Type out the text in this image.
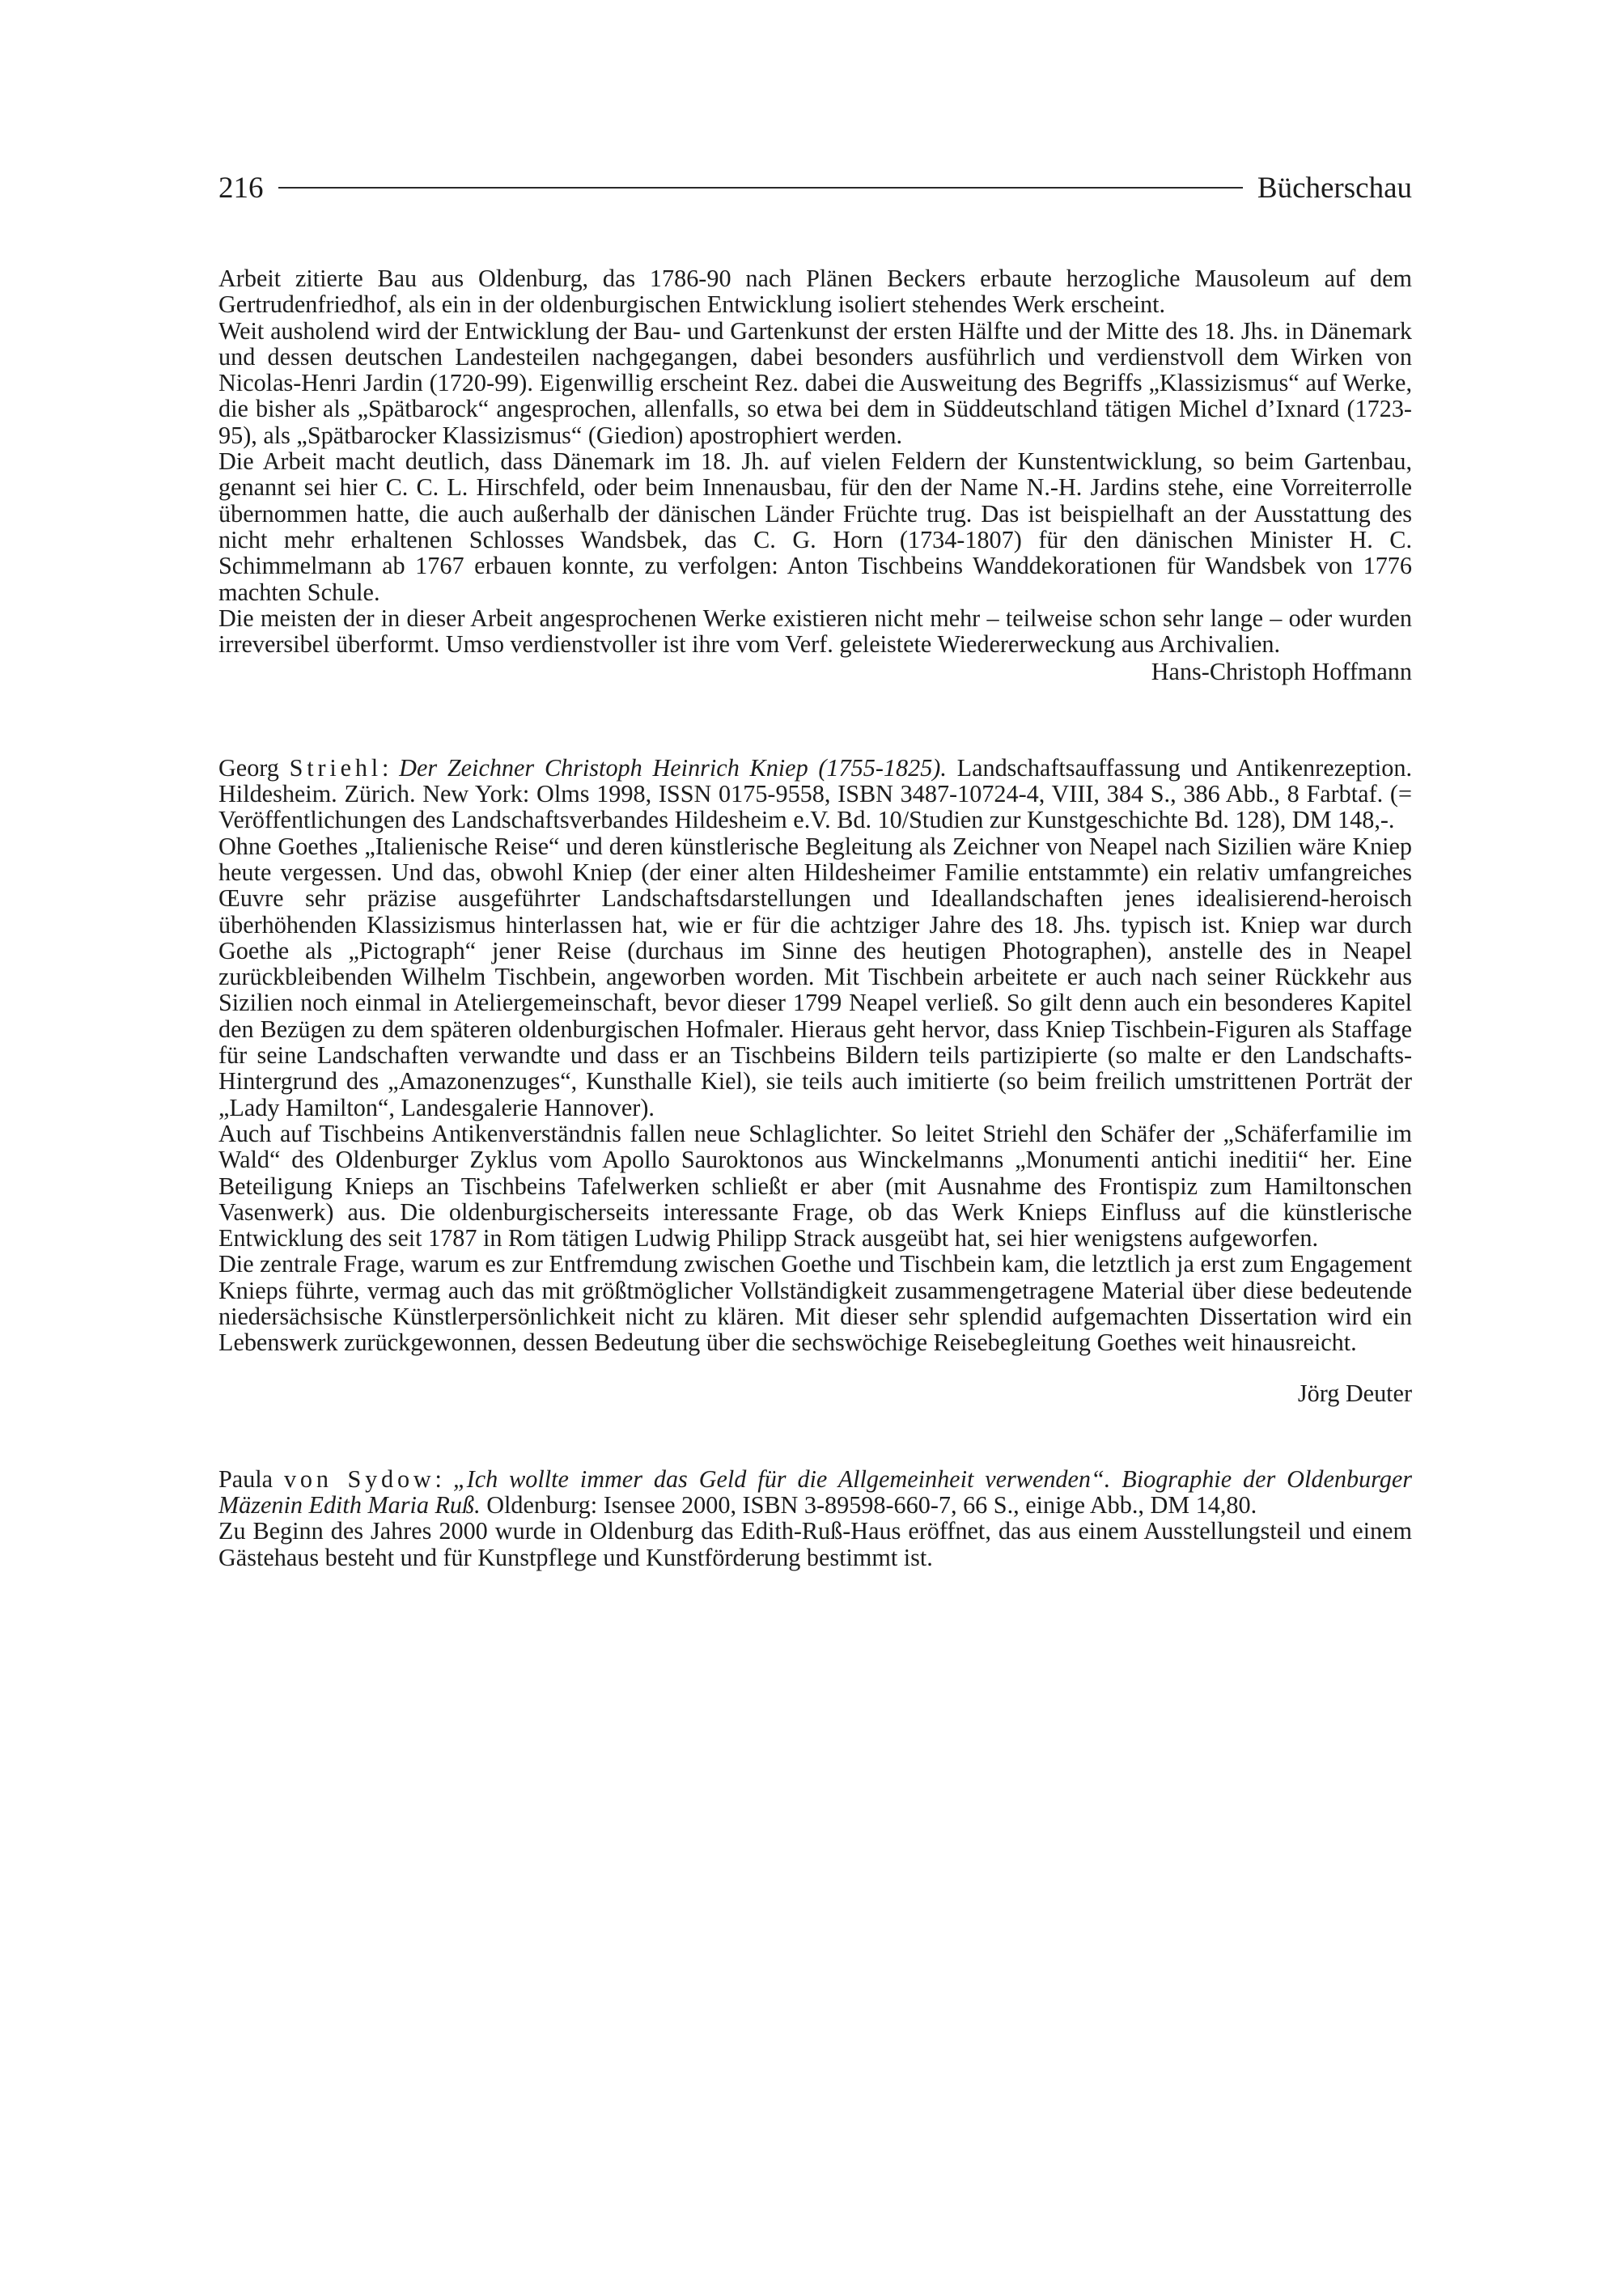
216	Bücherschau

Arbeit zitierte Bau aus Oldenburg, das 1786-90 nach Plänen Beckers erbaute herzogliche Mausoleum auf dem Gertrudenfriedhof, als ein in der oldenburgischen Entwicklung isoliert stehendes Werk erscheint.

Weit ausholend wird der Entwicklung der Bau- und Gartenkunst der ersten Hälfte und der Mitte des 18. Jhs. in Dänemark und dessen deutschen Landesteilen nachgegangen, dabei besonders ausführlich und verdienstvoll dem Wirken von Nicolas-Henri Jardin (1720-99). Eigenwillig erscheint Rez. dabei die Ausweitung des Begriffs „Klassizismus“ auf Werke, die bisher als „Spätbarock“ angesprochen, allenfalls, so etwa bei dem in Süddeutschland tätigen Michel d’Ixnard (1723-95), als „Spätbarocker Klassizismus“ (Giedion) apostrophiert werden.

Die Arbeit macht deutlich, dass Dänemark im 18. Jh. auf vielen Feldern der Kunstentwicklung, so beim Gartenbau, genannt sei hier C. C. L. Hirschfeld, oder beim Innenausbau, für den der Name N.-H. Jardins stehe, eine Vorreiterrolle übernommen hatte, die auch außerhalb der dänischen Länder Früchte trug. Das ist beispielhaft an der Ausstattung des nicht mehr erhaltenen Schlosses Wandsbek, das C. G. Horn (1734-1807) für den dänischen Minister H. C. Schimmelmann ab 1767 erbauen konnte, zu verfolgen: Anton Tischbeins Wanddekorationen für Wandsbek von 1776 machten Schule.

Die meisten der in dieser Arbeit angesprochenen Werke existieren nicht mehr – teilweise schon sehr lange – oder wurden irreversibel überformt. Umso verdienstvoller ist ihre vom Verf. geleistete Wiedererweckung aus Archivalien.

Hans-Christoph Hoffmann

Georg Striehl: Der Zeichner Christoph Heinrich Kniep (1755-1825). Landschaftsauffassung und Antikenrezeption. Hildesheim. Zürich. New York: Olms 1998, ISSN 0175-9558, ISBN 3487-10724-4, VIII, 384 S., 386 Abb., 8 Farbtaf. (= Veröffentlichungen des Landschaftsverbandes Hildesheim e.V. Bd. 10/Studien zur Kunstgeschichte Bd. 128), DM 148,-.

Ohne Goethes „Italienische Reise“ und deren künstlerische Begleitung als Zeichner von Neapel nach Sizilien wäre Kniep heute vergessen. Und das, obwohl Kniep (der einer alten Hildesheimer Familie entstammte) ein relativ umfangreiches Œuvre sehr präzise ausgeführter Landschaftsdarstellungen und Ideallandschaften jenes idealisierend-heroisch überhöhenden Klassizismus hinterlassen hat, wie er für die achtziger Jahre des 18. Jhs. typisch ist. Kniep war durch Goethe als „Pictograph“ jener Reise (durchaus im Sinne des heutigen Photographen), anstelle des in Neapel zurückbleibenden Wilhelm Tischbein, angeworben worden. Mit Tischbein arbeitete er auch nach seiner Rückkehr aus Sizilien noch einmal in Ateliergemeinschaft, bevor dieser 1799 Neapel verließ. So gilt denn auch ein besonderes Kapitel den Bezügen zu dem späteren oldenburgischen Hofmaler. Hieraus geht hervor, dass Kniep Tischbein-Figuren als Staffage für seine Landschaften verwandte und dass er an Tischbeins Bildern teils partizipierte (so malte er den Landschafts-Hintergrund des „Amazonenzuges“, Kunsthalle Kiel), sie teils auch imitierte (so beim freilich umstrittenen Porträt der „Lady Hamilton“, Landesgalerie Hannover).

Auch auf Tischbeins Antikenverständnis fallen neue Schlaglichter. So leitet Striehl den Schäfer der „Schäferfamilie im Wald“ des Oldenburger Zyklus vom Apollo Sauroktonos aus Winckelmanns „Monumenti antichi ineditii“ her. Eine Beteiligung Knieps an Tischbeins Tafelwerken schließt er aber (mit Ausnahme des Frontispiz zum Hamiltonschen Vasenwerk) aus. Die oldenburgischerseits interessante Frage, ob das Werk Knieps Einfluss auf die künstlerische Entwicklung des seit 1787 in Rom tätigen Ludwig Philipp Strack ausgeübt hat, sei hier wenigstens aufgeworfen.

Die zentrale Frage, warum es zur Entfremdung zwischen Goethe und Tischbein kam, die letztlich ja erst zum Engagement Knieps führte, vermag auch das mit größtmöglicher Vollständigkeit zusammengetragene Material über diese bedeutende niedersächsische Künstlerpersönlichkeit nicht zu klären. Mit dieser sehr splendid aufgemachten Dissertation wird ein Lebenswerk zurückgewonnen, dessen Bedeutung über die sechswöchige Reisebegleitung Goethes weit hinausreicht.

Jörg Deuter

Paula von Sydow: „Ich wollte immer das Geld für die Allgemeinheit verwenden“. Biographie der Oldenburger Mäzenin Edith Maria Ruß. Oldenburg: Isensee 2000, ISBN 3-89598-660-7, 66 S., einige Abb., DM 14,80.

Zu Beginn des Jahres 2000 wurde in Oldenburg das Edith-Ruß-Haus eröffnet, das aus einem Ausstellungsteil und einem Gästehaus besteht und für Kunstpflege und Kunstförderung bestimmt ist.
